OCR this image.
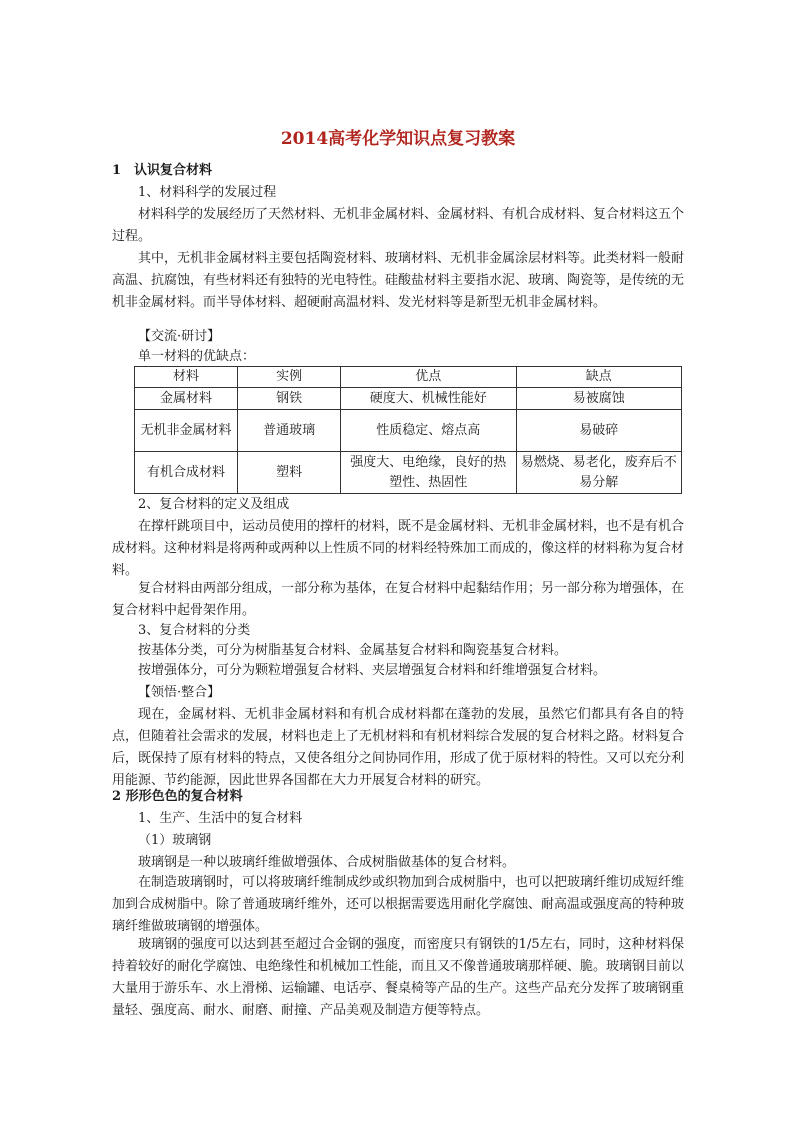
2014高考化学知识点复习教案
1 认识复合材料
1、材料科学的发展过程
材料科学的发展经历了天然材料、无机非金属材料、金属材料、有机合成材料、复合材料这五个过程。
其中，无机非金属材料主要包括陶瓷材料、玻璃材料、无机非金属涂层材料等。此类材料一般耐高温、抗腐蚀，有些材料还有独特的光电特性。硅酸盐材料主要指水泥、玻璃、陶瓷等，是传统的无机非金属材料。而半导体材料、超硬耐高温材料、发光材料等是新型无机非金属材料。
【交流·研讨】
单一材料的优缺点：
材料	实例	优点	缺点
金属材料	钢铁	硬度大、机械性能好	易被腐蚀
无机非金属材料	普通玻璃	性质稳定、熔点高	易破碎
有机合成材料	塑料	强度大、电绝缘，良好的热塑性、热固性	易燃烧、易老化，废弃后不易分解
2、复合材料的定义及组成
在撑杆跳项目中，运动员使用的撑杆的材料，既不是金属材料、无机非金属材料，也不是有机合成材料。这种材料是将两种或两种以上性质不同的材料经特殊加工而成的，像这样的材料称为复合材料。
复合材料由两部分组成，一部分称为基体，在复合材料中起黏结作用；另一部分称为增强体，在复合材料中起骨架作用。
3、复合材料的分类
按基体分类，可分为树脂基复合材料、金属基复合材料和陶瓷基复合材料。
按增强体分，可分为颗粒增强复合材料、夹层增强复合材料和纤维增强复合材料。
【领悟·整合】
现在，金属材料、无机非金属材料和有机合成材料都在蓬勃的发展，虽然它们都具有各自的特点，但随着社会需求的发展，材料也走上了无机材料和有机材料综合发展的复合材料之路。材料复合后，既保持了原有材料的特点，又使各组分之间协同作用，形成了优于原材料的特性。又可以充分利用能源、节约能源，因此世界各国都在大力开展复合材料的研究。
2 形形色色的复合材料
1、生产、生活中的复合材料
（1）玻璃钢
玻璃钢是一种以玻璃纤维做增强体、合成树脂做基体的复合材料。
在制造玻璃钢时，可以将玻璃纤维制成纱或织物加到合成树脂中，也可以把玻璃纤维切成短纤维加到合成树脂中。除了普通玻璃纤维外，还可以根据需要选用耐化学腐蚀、耐高温或强度高的特种玻璃纤维做玻璃钢的增强体。
玻璃钢的强度可以达到甚至超过合金钢的强度，而密度只有钢铁的1/5左右，同时，这种材料保持着较好的耐化学腐蚀、电绝缘性和机械加工性能，而且又不像普通玻璃那样硬、脆。玻璃钢目前以大量用于游乐车、水上滑梯、运输罐、电话亭、餐桌椅等产品的生产。这些产品充分发挥了玻璃钢重量轻、强度高、耐水、耐磨、耐撞、产品美观及制造方便等特点。
